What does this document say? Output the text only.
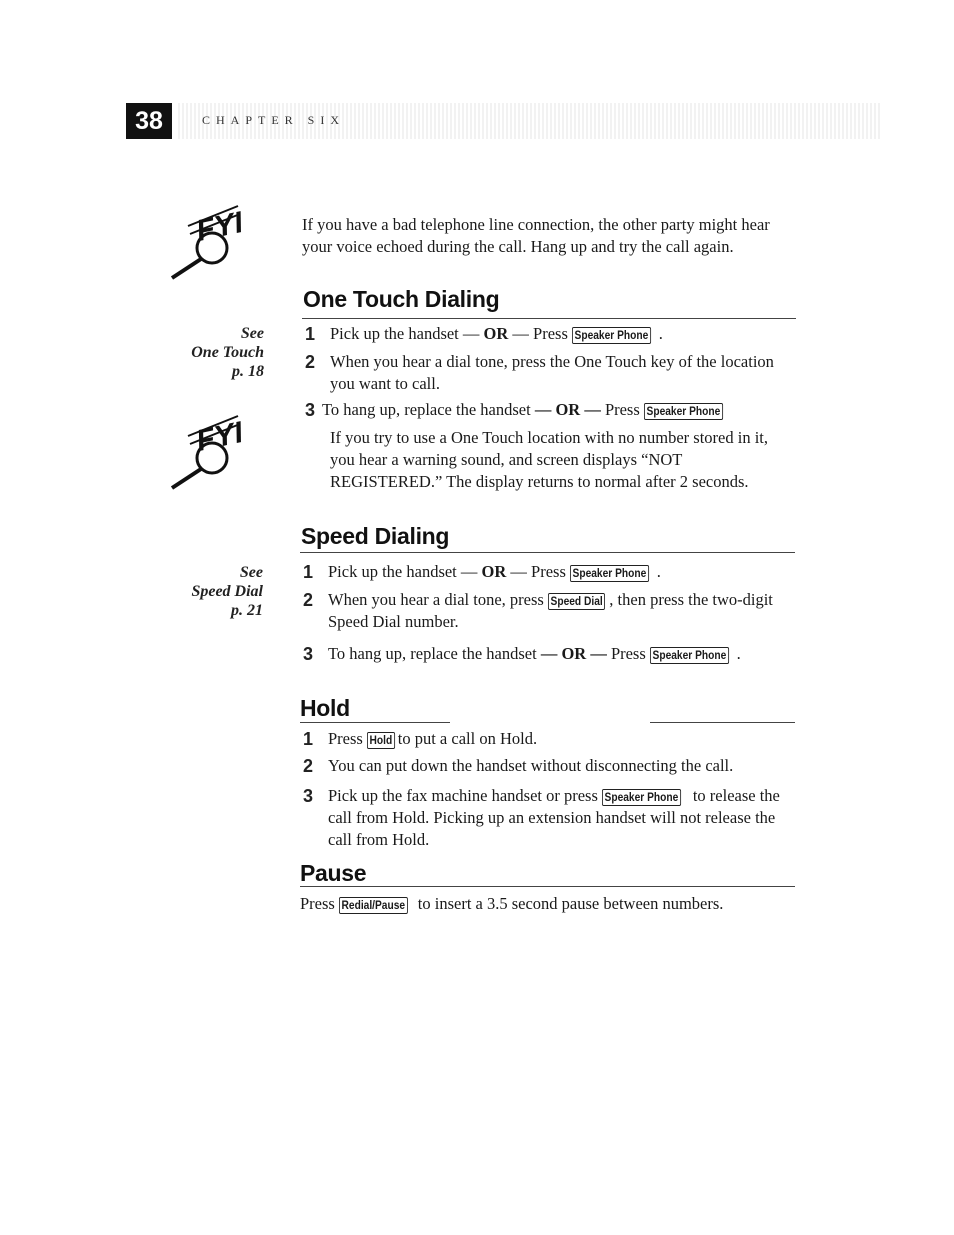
38	CHAPTER SIX
FYI	If you have a bad telephone line connection, the other party might hear your voice echoed during the call. Hang up and try the call again.
One Touch Dialing
See
One Touch
p. 18
1 Pick up the handset — OR — Press Speaker Phone .
2 When you hear a dial tone, press the One Touch key of the location you want to call.
3 To hang up, replace the handset — OR — Press Speaker Phone
If you try to use a One Touch location with no number stored in it, you hear a warning sound, and screen displays “NOT REGISTERED.” The display returns to normal after 2 seconds.
FYI
Speed Dialing
See
Speed Dial
p. 21
1 Pick up the handset — OR — Press Speaker Phone .
2 When you hear a dial tone, press Speed Dial , then press the two-digit Speed Dial number.
3 To hang up, replace the handset — OR — Press Speaker Phone .
Hold
1 Press Hold to put a call on Hold.
2 You can put down the handset without disconnecting the call.
3 Pick up the fax machine handset or press Speaker Phone to release the call from Hold. Picking up an extension handset will not release the call from Hold.
Pause
Press Redial/Pause to insert a 3.5 second pause between numbers.
